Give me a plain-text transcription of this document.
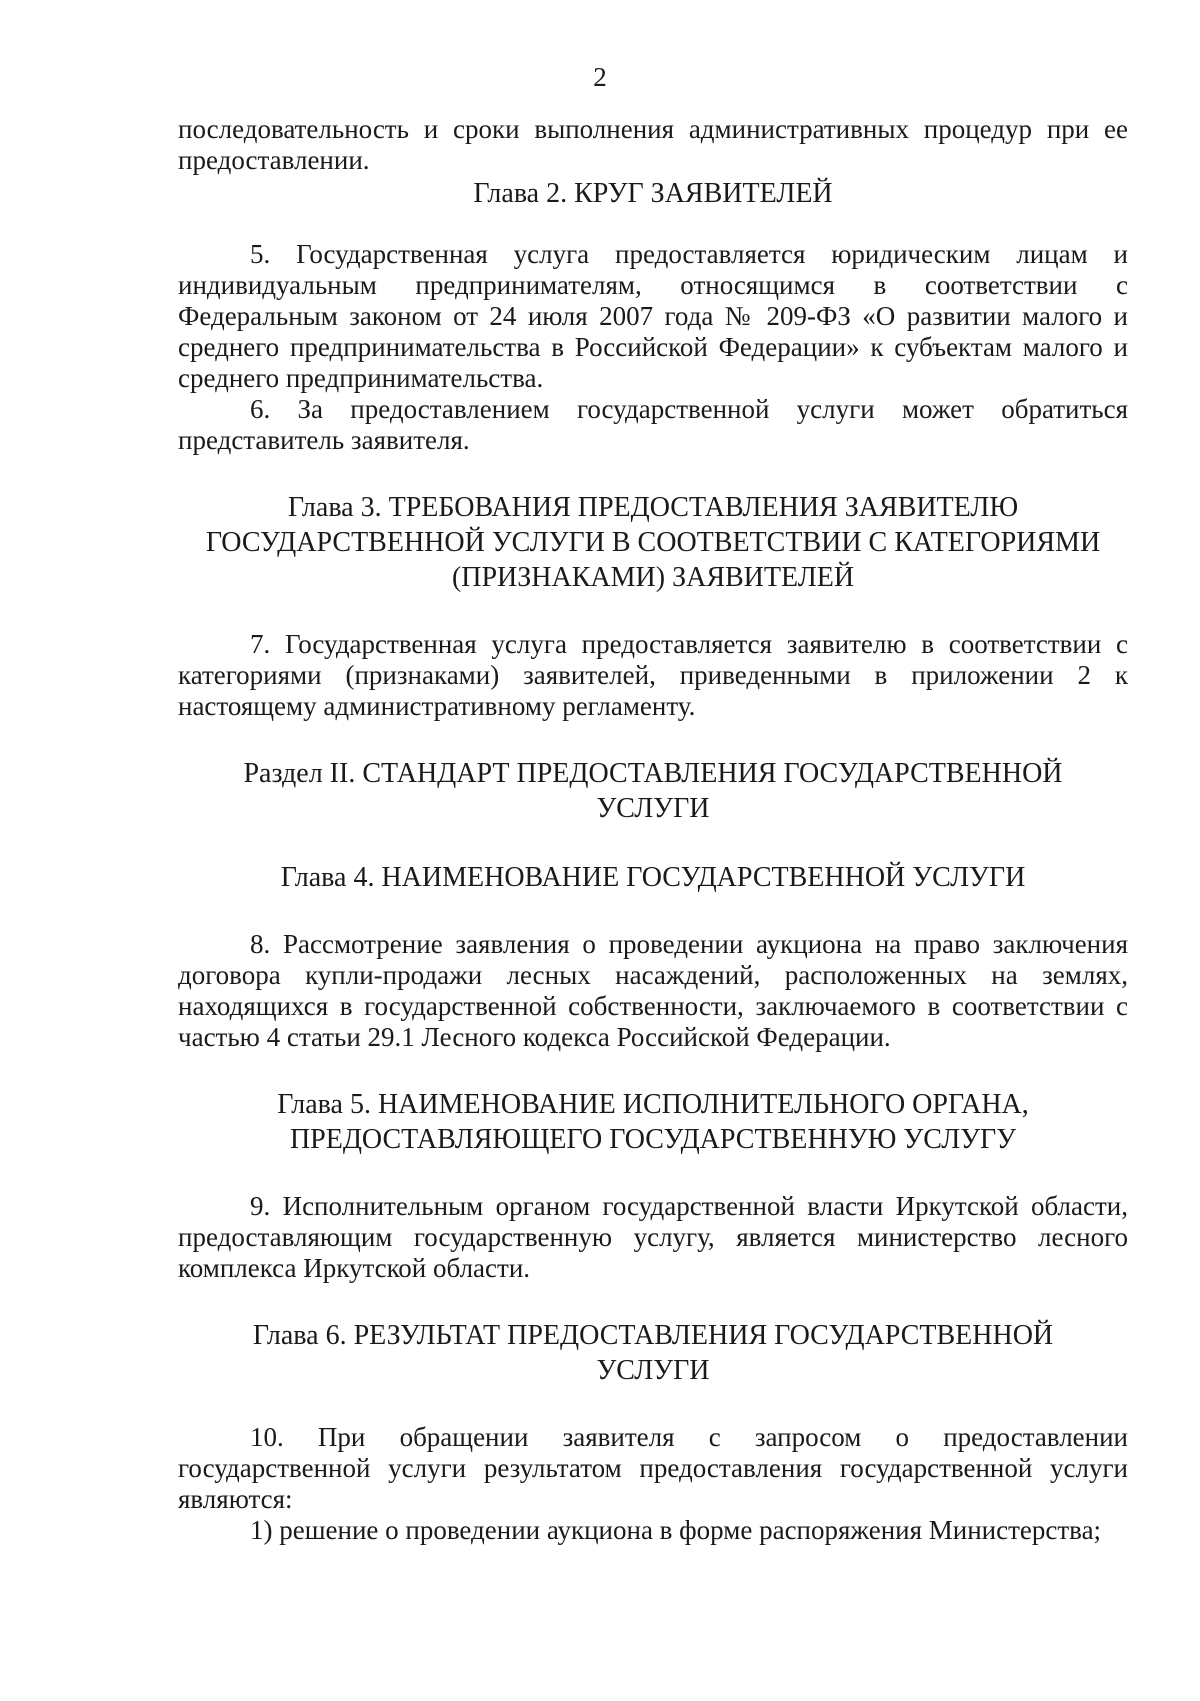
2

последовательность и сроки выполнения административных процедур при ее предоставлении.

Глава 2. КРУГ ЗАЯВИТЕЛЕЙ

5. Государственная услуга предоставляется юридическим лицам и индивидуальным предпринимателям, относящимся в соответствии с Федеральным законом от 24 июля 2007 года № 209-ФЗ «О развитии малого и среднего предпринимательства в Российской Федерации» к субъектам малого и среднего предпринимательства.

6. За предоставлением государственной услуги может обратиться представитель заявителя.

Глава 3. ТРЕБОВАНИЯ ПРЕДОСТАВЛЕНИЯ ЗАЯВИТЕЛЮ
ГОСУДАРСТВЕННОЙ УСЛУГИ В СООТВЕТСТВИИ С КАТЕГОРИЯМИ
(ПРИЗНАКАМИ) ЗАЯВИТЕЛЕЙ

7. Государственная услуга предоставляется заявителю в соответствии с категориями (признаками) заявителей, приведенными в приложении 2 к настоящему административному регламенту.

Раздел II. СТАНДАРТ ПРЕДОСТАВЛЕНИЯ ГОСУДАРСТВЕННОЙ
УСЛУГИ
Глава 4. НАИМЕНОВАНИЕ ГОСУДАРСТВЕННОЙ УСЛУГИ

8. Рассмотрение заявления о проведении аукциона на право заключения договора купли-продажи лесных насаждений, расположенных на землях, находящихся в государственной собственности, заключаемого в соответствии с частью 4 статьи 29.1 Лесного кодекса Российской Федерации.

Глава 5. НАИМЕНОВАНИЕ ИСПОЛНИТЕЛЬНОГО ОРГАНА,
ПРЕДОСТАВЛЯЮЩЕГО ГОСУДАРСТВЕННУЮ УСЛУГУ

9. Исполнительным органом государственной власти Иркутской области, предоставляющим государственную услугу, является министерство лесного комплекса Иркутской области.

Глава 6. РЕЗУЛЬТАТ ПРЕДОСТАВЛЕНИЯ ГОСУДАРСТВЕННОЙ
УСЛУГИ

10. При обращении заявителя с запросом о предоставлении государственной услуги результатом предоставления государственной услуги являются:

1) решение о проведении аукциона в форме распоряжения Министерства;
